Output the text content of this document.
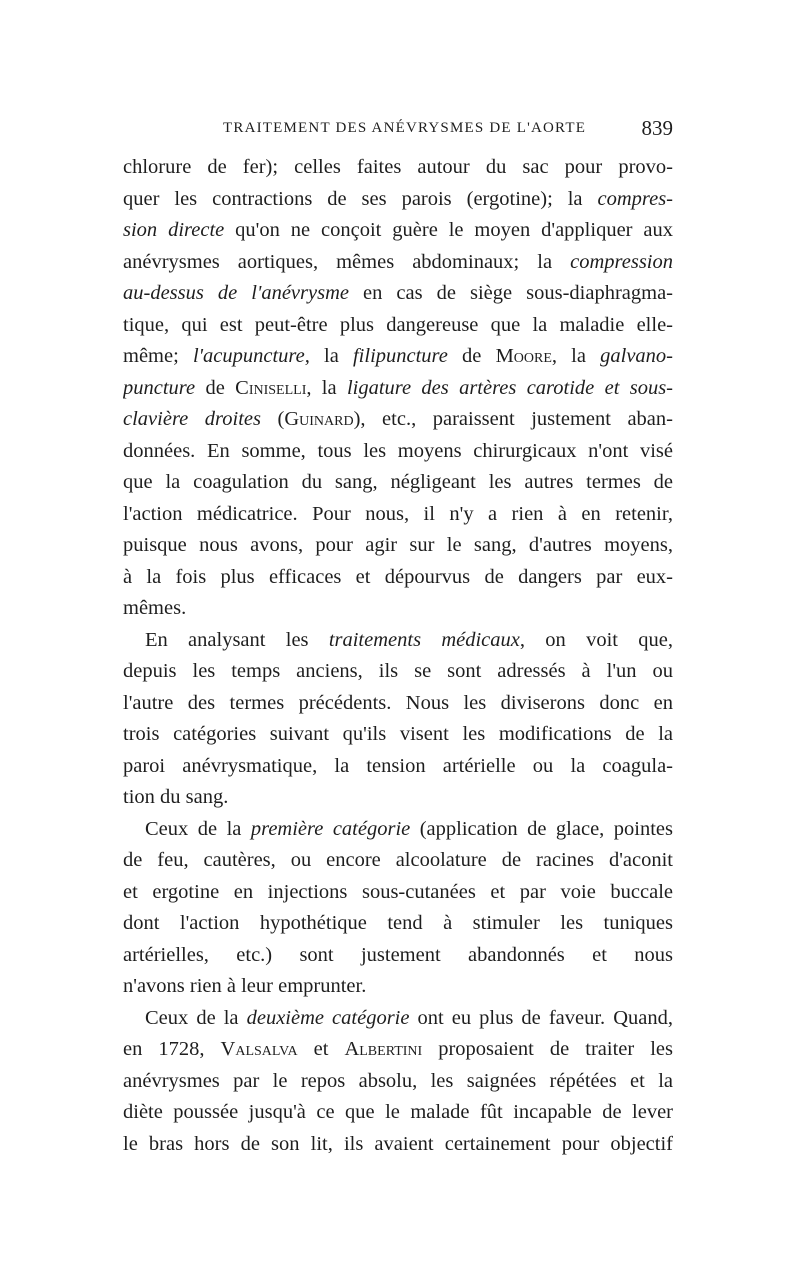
TRAITEMENT DES ANÉVRYSMES DE L'AORTE	839
chlorure de fer); celles faites autour du sac pour provo-
quer les contractions de ses parois (ergotine); la compres-
sion directe qu'on ne conçoit guère le moyen d'appliquer aux
anévrysmes aortiques, mêmes abdominaux; la compression
au-dessus de l'anévrysme en cas de siège sous-diaphragma-
tique, qui est peut-être plus dangereuse que la maladie elle-
même; l'acupuncture, la filipuncture de Moore, la galvano-
puncture de Ciniselli, la ligature des artères carotide et sous-
clavière droites (Guinard), etc., paraissent justement aban-
données. En somme, tous les moyens chirurgicaux n'ont visé
que la coagulation du sang, négligeant les autres termes de
l'action médicatrice. Pour nous, il n'y a rien à en retenir,
puisque nous avons, pour agir sur le sang, d'autres moyens,
à la fois plus efficaces et dépourvus de dangers par eux-
mêmes.
En analysant les traitements médicaux, on voit que,
depuis les temps anciens, ils se sont adressés à l'un ou
l'autre des termes précédents. Nous les diviserons donc en
trois catégories suivant qu'ils visent les modifications de la
paroi anévrysmatique, la tension artérielle ou la coagula-
tion du sang.
Ceux de la première catégorie (application de glace, pointes
de feu, cautères, ou encore alcoolature de racines d'aconit
et ergotine en injections sous-cutanées et par voie buccale
dont l'action hypothétique tend à stimuler les tuniques
artérielles, etc.) sont justement abandonnés et nous
n'avons rien à leur emprunter.
Ceux de la deuxième catégorie ont eu plus de faveur. Quand,
en 1728, Valsalva et Albertini proposaient de traiter les
anévrysmes par le repos absolu, les saignées répétées et la
diète poussée jusqu'à ce que le malade fût incapable de lever
le bras hors de son lit, ils avaient certainement pour objectif
